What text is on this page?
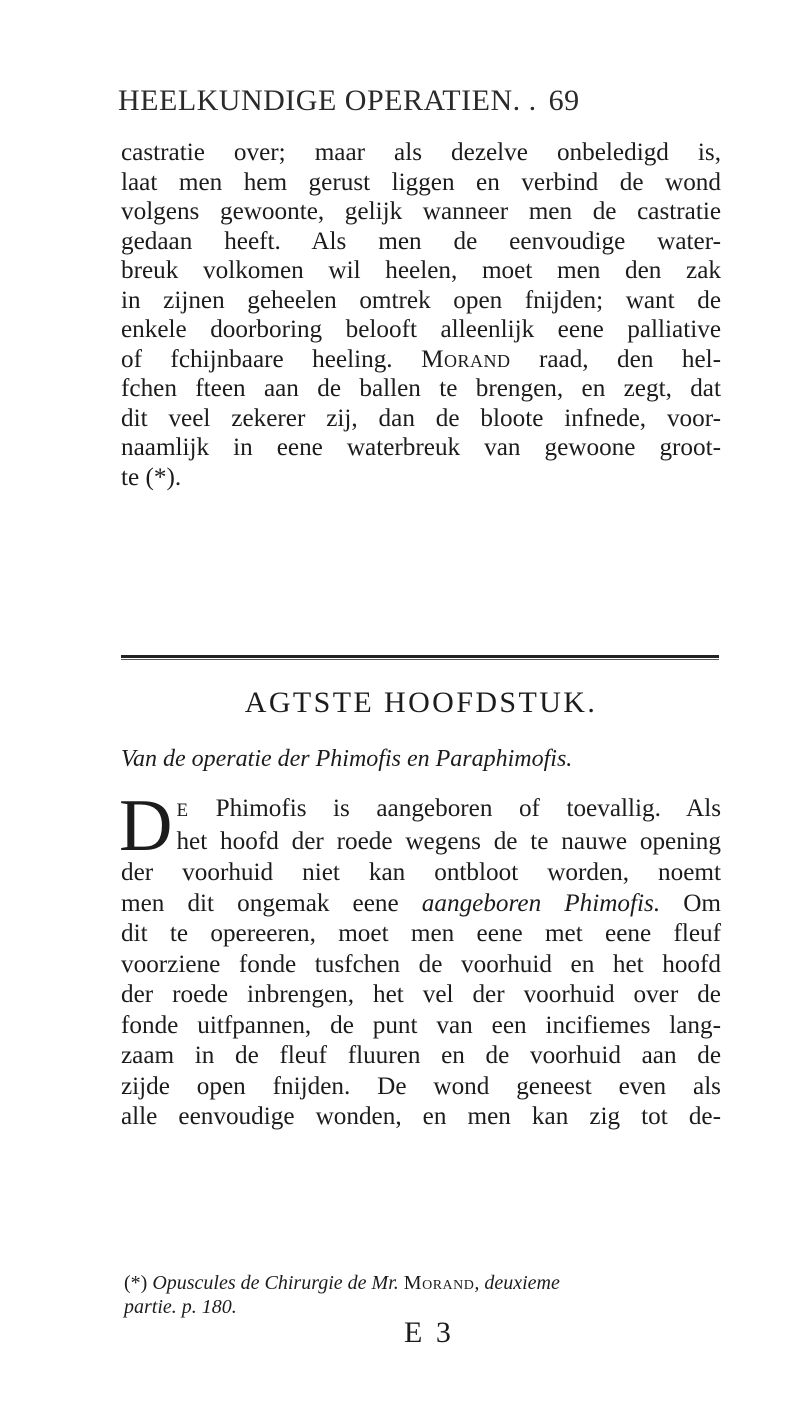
HEELKUNDIGE OPERATIEN. . 69
castratie over; maar als dezelve onbeledigd is,
laat men hem gerust liggen en verbind de wond
volgens gewoonte, gelijk wanneer men de castratie
gedaan heeft. Als men de eenvoudige water-
breuk volkomen wil heelen, moet men den zak
in zijnen geheelen omtrek open fnijden; want de
enkele doorboring belooft alleenlijk eene palliative
of fchijnbaare heeling. Morand raad, den hel-
fchen fteen aan de ballen te brengen, en zegt, dat
dit veel zekerer zij, dan de bloote infnede, voor-
naamlijk in eene waterbreuk van gewoone groot-
te (*).
AGTSTE HOOFDSTUK.
Van de operatie der Phimofis en Paraphimofis.
D E Phimofis is aangeboren of toevallig. Als
het hoofd der roede wegens de te nauwe opening
der voorhuid niet kan ontbloot worden, noemt
men dit ongemak eene aangeboren Phimofis. Om
dit te opereeren, moet men eene met eene fleuf
voorziene fonde tusfchen de voorhuid en het hoofd
der roede inbrengen, het vel der voorhuid over de
fonde uitfpannen, de punt van een incifiemes lang-
zaam in de fleuf fluuren en de voorhuid aan de
zijde open fnijden. De wond geneest even als
alle eenvoudige wonden, en men kan zig tot de-
(*) Opuscules de Chirurgie de Mr. Morand, deuxieme
partie. p. 180.
E 3
